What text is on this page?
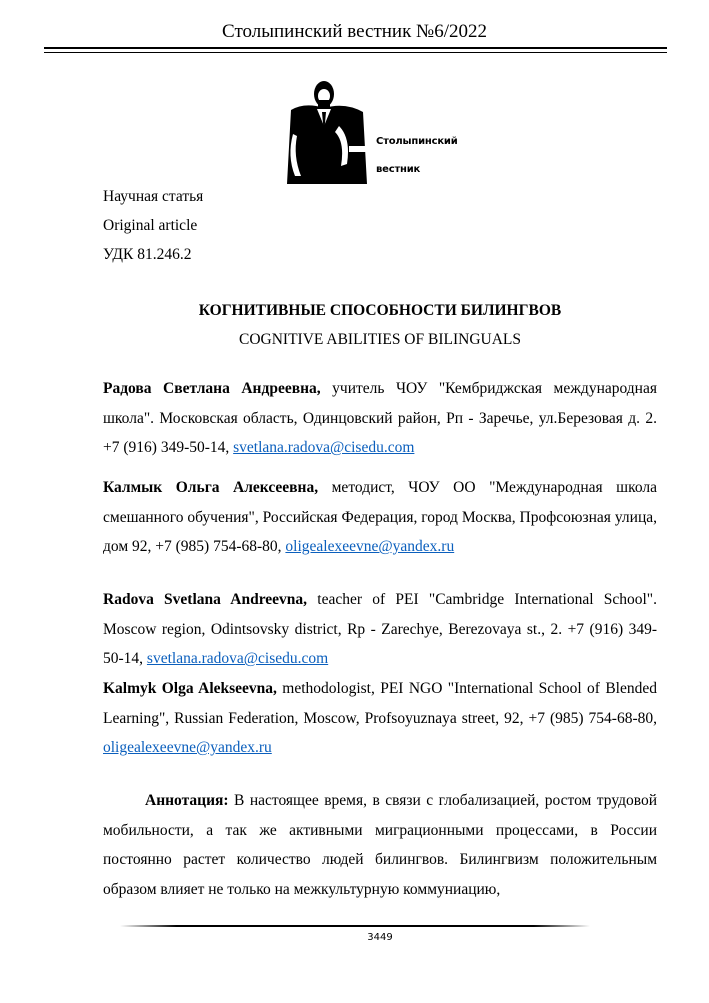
Столыпинский вестник №6/2022
Столыпинский
вестник
Научная статья
Original article
УДК 81.246.2
КОГНИТИВНЫЕ СПОСОБНОСТИ БИЛИНГВОВ
COGNITIVE ABILITIES OF BILINGUALS

Радова Светлана Андреевна, учитель ЧОУ "Кембриджская международная школа". Московская область, Одинцовский район, Рп - Заречье, ул.Березовая д. 2. +7 (916) 349-50-14, svetlana.radova@cisedu.com

Калмык Ольга Алексеевна, методист, ЧОУ ОО "Международная школа смешанного обучения", Российская Федерация, город Москва, Профсоюзная улица, дом 92, +7 (985) 754-68-80, oligealexeevne@yandex.ru

Radova Svetlana Andreevna, teacher of PEI "Cambridge International School". Moscow region, Odintsovsky district, Rp - Zarechye, Berezovaya st., 2. +7 (916) 349-50-14, svetlana.radova@cisedu.com

Kalmyk Olga Alekseevna, methodologist, PEI NGO "International School of Blended Learning", Russian Federation, Moscow, Profsoyuznaya street, 92, +7 (985) 754-68-80, oligealexeevne@yandex.ru

Аннотация: В настоящее время, в связи с глобализацией, ростом трудовой мобильности, а так же активными миграционными процессами, в России постоянно растет количество людей билингвов. Билингвизм положительным образом влияет не только на межкультурную коммуниацию,

3449
